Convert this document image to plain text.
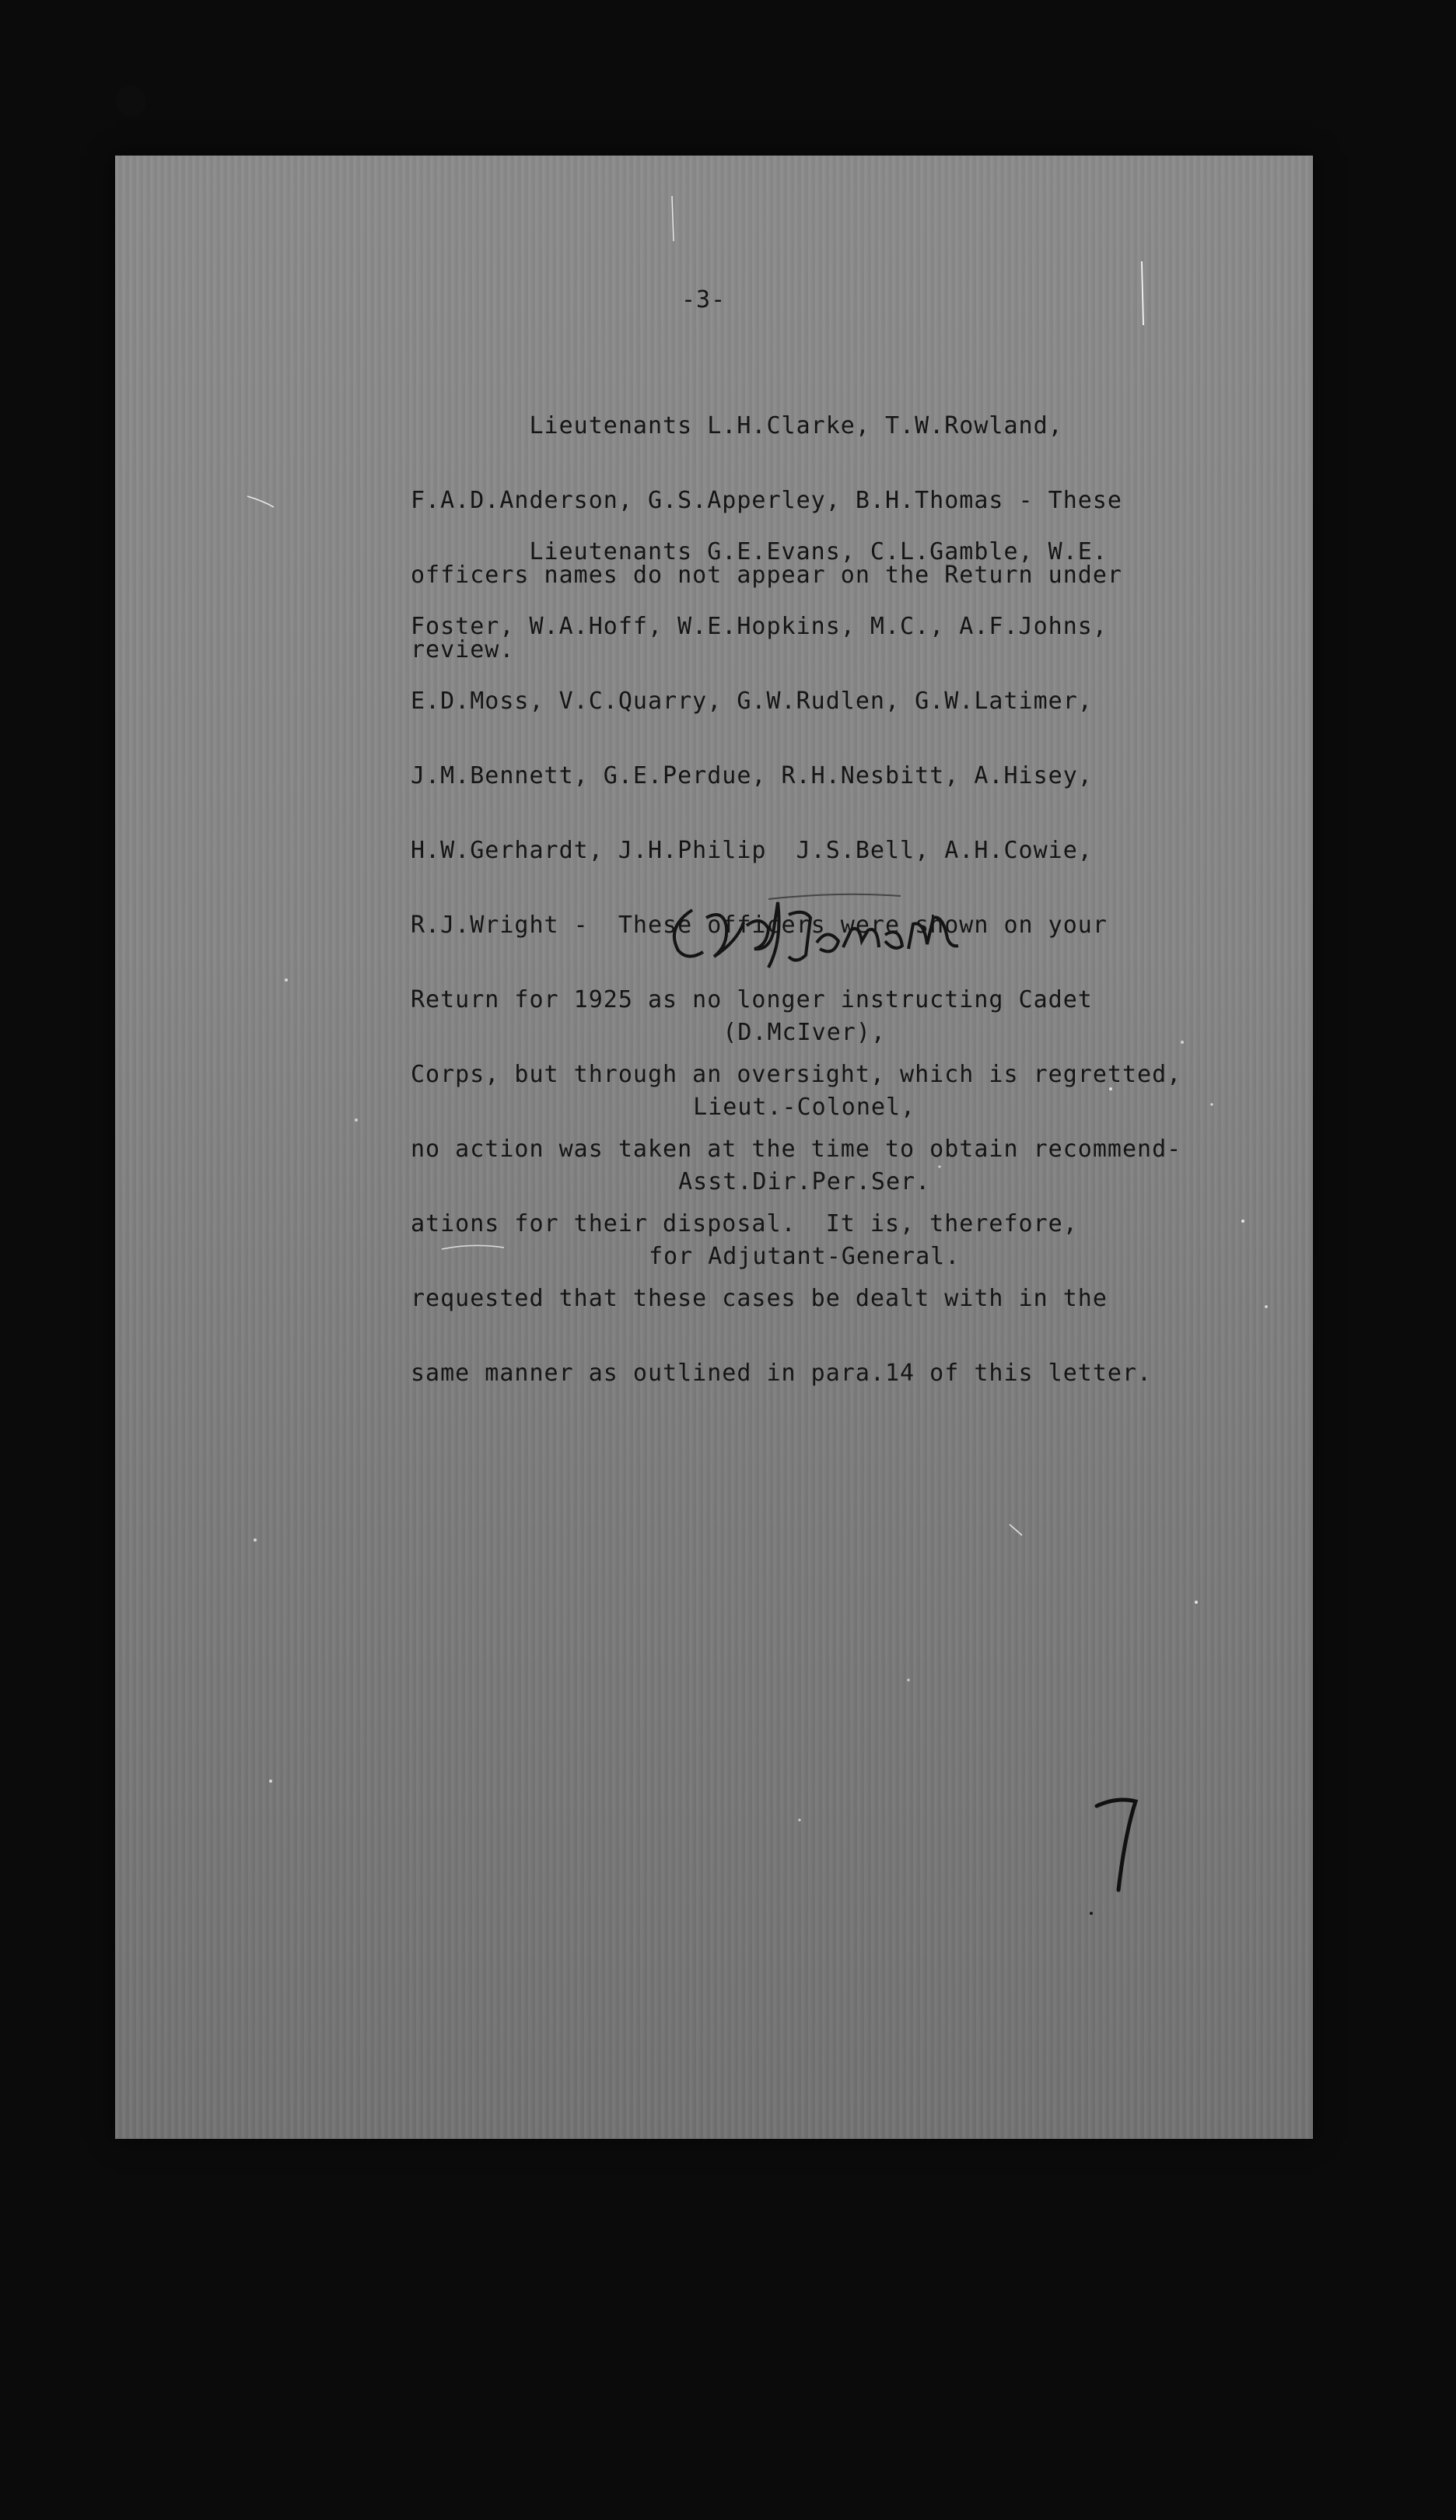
-3-

Lieutenants L.H.Clarke, T.W.Rowland,

F.A.D.Anderson, G.S.Apperley, B.H.Thomas - These

officers names do not appear on the Return under

review.

Lieutenants G.E.Evans, C.L.Gamble, W.E.

Foster, W.A.Hoff, W.E.Hopkins, M.C., A.F.Johns,

E.D.Moss, V.C.Quarry, G.W.Rudlen, G.W.Latimer,

J.M.Bennett, G.E.Perdue, R.H.Nesbitt, A.Hisey,

H.W.Gerhardt, J.H.Philip  J.S.Bell, A.H.Cowie,

R.J.Wright -  These officers were shown on your

Return for 1925 as no longer instructing Cadet

Corps, but through an oversight, which is regretted,

no action was taken at the time to obtain recommend-

ations for their disposal.  It is, therefore,

requested that these cases be dealt with in the

same manner as outlined in para.14 of this letter.

(D.McIver),

Lieut.-Colonel,

Asst.Dir.Per.Ser.

for Adjutant-General.
